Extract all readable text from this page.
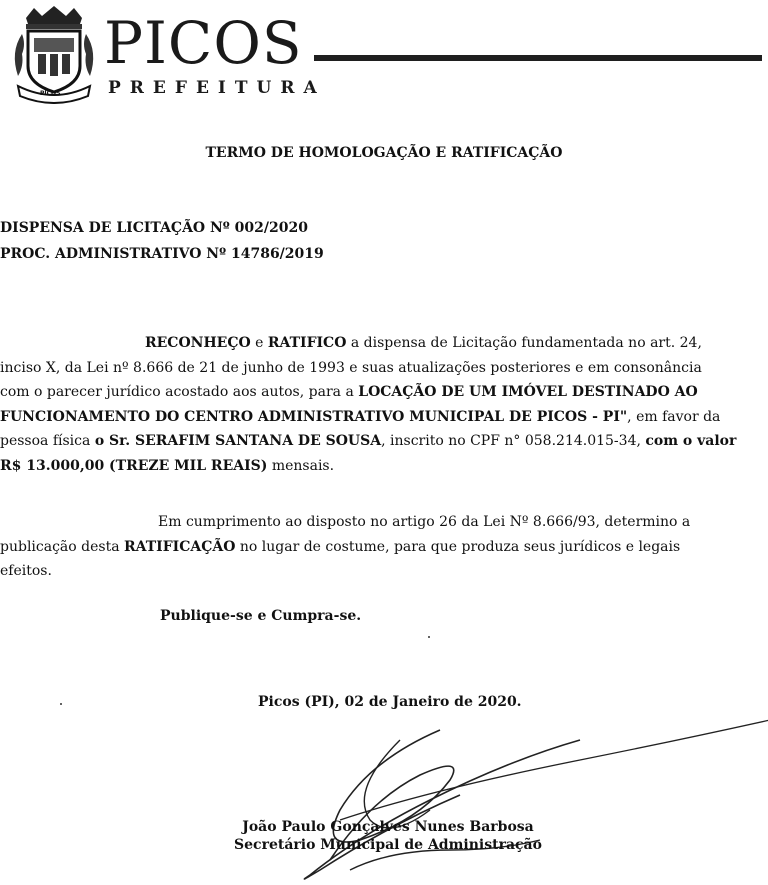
PICOS
PICOS
PREFEITURA
TERMO DE HOMOLOGAÇÃO E RATIFICAÇÃO
DISPENSA DE LICITAÇÃO Nº 002/2020
PROC. ADMINISTRATIVO Nº 14786/2019
RECONHEÇO e RATIFICO a dispensa de Licitação fundamentada no art. 24,
inciso X, da Lei nº 8.666 de 21 de junho de 1993 e suas atualizações posteriores e em consonância
com o parecer jurídico acostado aos autos, para a LOCAÇÃO DE UM IMÓVEL DESTINADO AO
FUNCIONAMENTO DO CENTRO ADMINISTRATIVO MUNICIPAL DE PICOS - PI", em favor da
pessoa física o Sr. SERAFIM SANTANA DE SOUSA, inscrito no CPF n° 058.214.015-34, com o valor
R$ 13.000,00 (TREZE MIL REAIS) mensais.
Em cumprimento ao disposto no artigo 26 da Lei Nº 8.666/93, determino a
publicação desta RATIFICAÇÃO no lugar de costume, para que produza seus jurídicos e legais
efeitos.
Publique-se e Cumpra-se.
Picos (PI), 02 de Janeiro de 2020.
João Paulo Gonçalves Nunes Barbosa
Secretário Municipal de Administração
